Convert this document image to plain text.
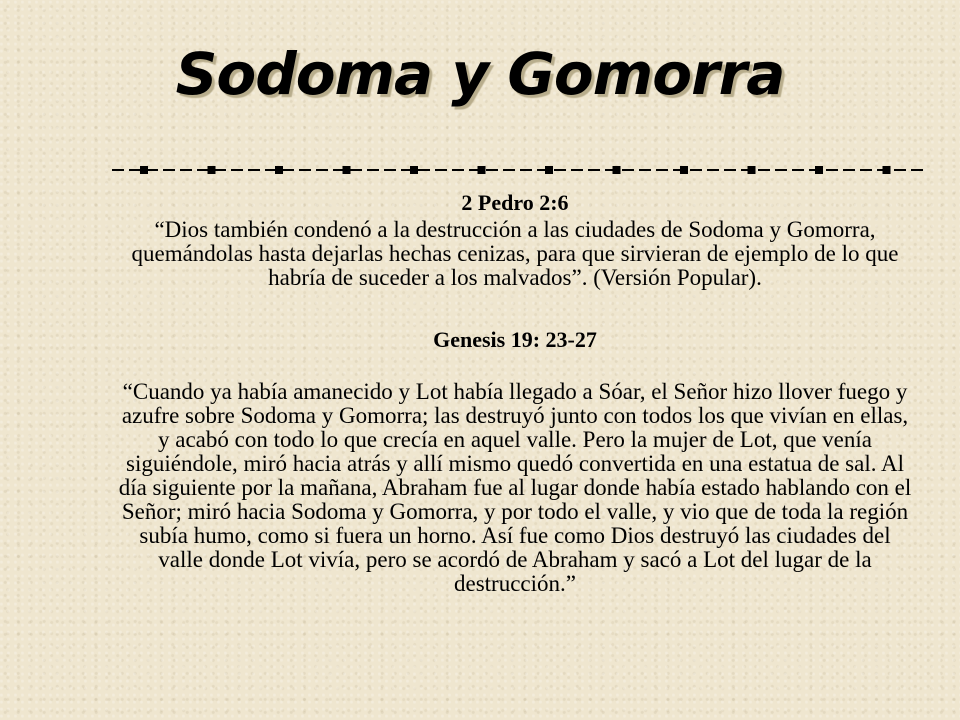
Sodoma y Gomorra
2 Pedro 2:6

“Dios también condenó a la destrucción a las ciudades de Sodoma y Gomorra, quemándolas hasta dejarlas hechas cenizas, para que sirvieran de ejemplo de lo que habría de suceder a los malvados”. (Versión Popular).

Genesis 19: 23-27

“Cuando ya había amanecido y Lot había llegado a Sóar, el Señor hizo llover fuego y azufre sobre Sodoma y Gomorra; las destruyó junto con todos los que vivían en ellas, y acabó con todo lo que crecía en aquel valle. Pero la mujer de Lot, que venía siguiéndole, miró hacia atrás y allí mismo quedó convertida en una estatua de sal. Al día siguiente por la mañana, Abraham fue al lugar donde había estado hablando con el Señor; miró hacia Sodoma y Gomorra, y por todo el valle, y vio que de toda la región subía humo, como si fuera un horno. Así fue como Dios destruyó las ciudades del valle donde Lot vivía, pero se acordó de Abraham y sacó a Lot del lugar de la destrucción.”
